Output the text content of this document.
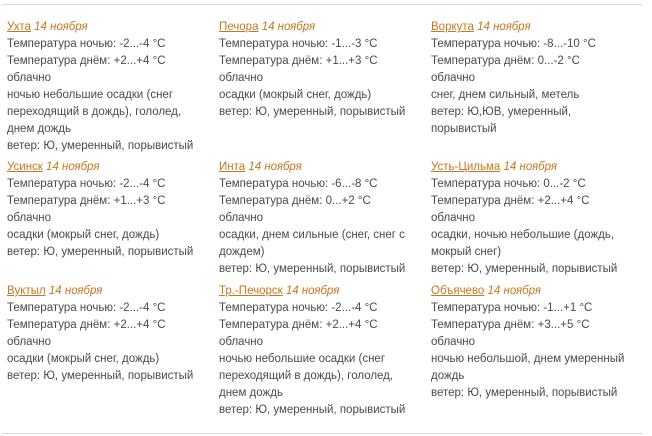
Ухта 14 ноября
Температура ночью: -2...-4 °C
Температура днём: +2...+4 °C
облачно
ночью небольшие осадки (снег переходящий в дождь), гололед, днем дождь
ветер: Ю, умеренный, порывистый
Печора 14 ноября
Температура ночью: -1...-3 °C
Температура днём: +1...+3 °C
облачно
осадки (мокрый снег, дождь)
ветер: Ю, умеренный, порывистый
Воркута 14 ноября
Температура ночью: -8...-10 °C
Температура днём: 0...-2 °C
облачно
снег, днем сильный, метель
ветер: Ю,ЮВ, умеренный, порывистый
Усинск 14 ноября
Температура ночью: -2...-4 °C
Температура днём: +1...+3 °C
облачно
осадки (мокрый снег, дождь)
ветер: Ю, умеренный, порывистый
Инта 14 ноября
Температура ночью: -6...-8 °C
Температура днём: 0...+2 °C
облачно
осадки, днем сильные (снег, снег с дождем)
ветер: Ю, умеренный, порывистый
Усть-Цильма 14 ноября
Температура ночью: 0...-2 °C
Температура днём: +2...+4 °C
облачно
осадки, ночью небольшие (дождь, мокрый снег)
ветер: Ю, умеренный, порывистый
Вуктыл 14 ноября
Температура ночью: -2...-4 °C
Температура днём: +2...+4 °C
облачно
осадки (мокрый снег, дождь)
ветер: Ю, умеренный, порывистый
Тр.-Печорск 14 ноября
Температура ночью: -2...-4 °C
Температура днём: +2...+4 °C
облачно
ночью небольшие осадки (снег переходящий в дождь), гололед, днем дождь
ветер: Ю, умеренный, порывистый
Объячево 14 ноября
Температура ночью: -1...+1 °C
Температура днём: +3...+5 °C
облачно
ночью небольшой, днем умеренный дождь
ветер: Ю, умеренный, порывистый
